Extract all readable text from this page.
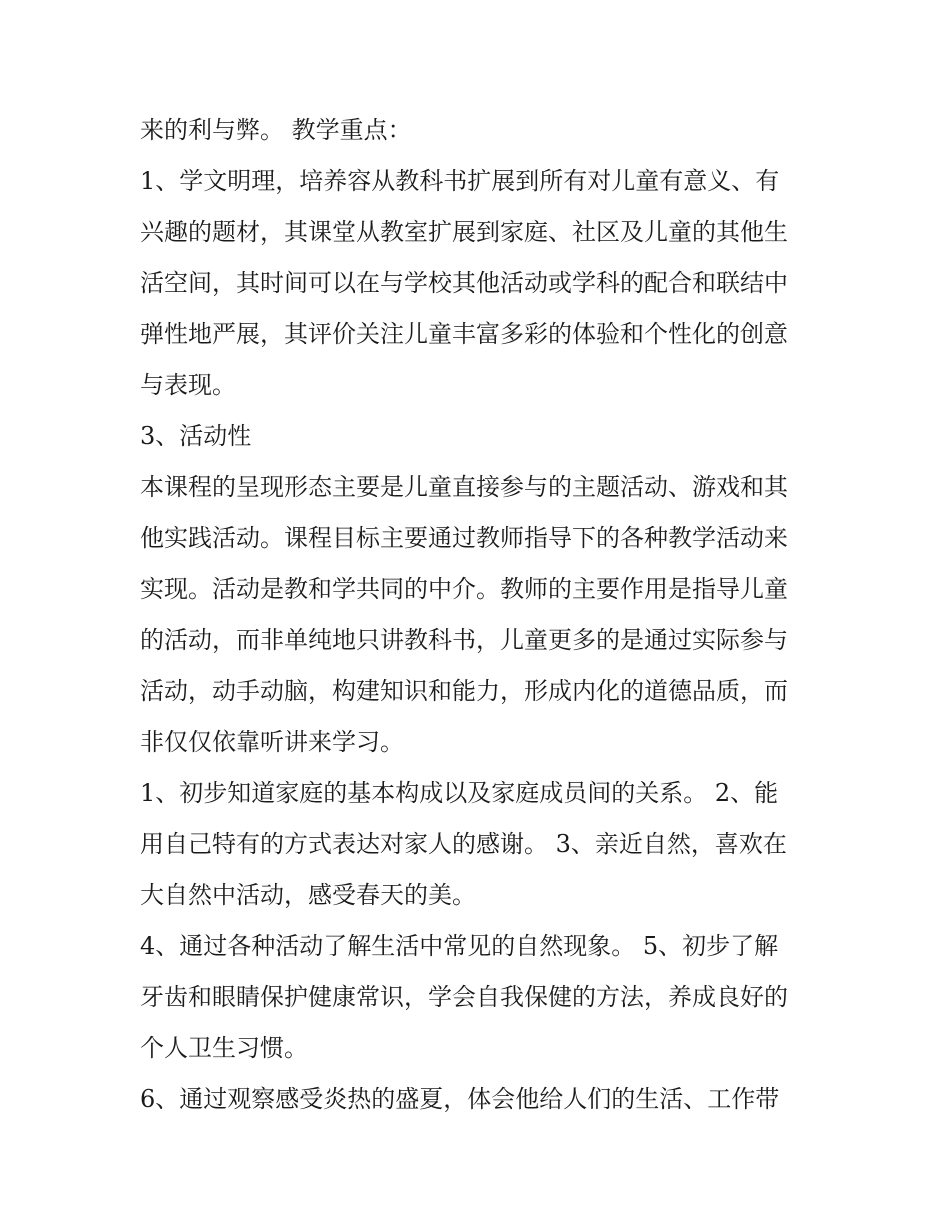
来的利与弊。 教学重点：
1、学文明理，培养容从教科书扩展到所有对儿童有意义、有
兴趣的题材，其课堂从教室扩展到家庭、社区及儿童的其他生
活空间，其时间可以在与学校其他活动或学科的配合和联结中
弹性地严展，其评价关注儿童丰富多彩的体验和个性化的创意
与表现。
3、活动性
本课程的呈现形态主要是儿童直接参与的主题活动、游戏和其
他实践活动。课程目标主要通过教师指导下的各种教学活动来
实现。活动是教和学共同的中介。教师的主要作用是指导儿童
的活动，而非单纯地只讲教科书，儿童更多的是通过实际参与
活动，动手动脑，构建知识和能力，形成内化的道德品质，而
非仅仅依靠听讲来学习。
1、初步知道家庭的基本构成以及家庭成员间的关系。 2、能
用自己特有的方式表达对家人的感谢。 3、亲近自然，喜欢在
大自然中活动，感受春天的美。
4、通过各种活动了解生活中常见的自然现象。 5、初步了解
牙齿和眼睛保护健康常识，学会自我保健的方法，养成良好的
个人卫生习惯。
6、通过观察感受炎热的盛夏，体会他给人们的生活、工作带
